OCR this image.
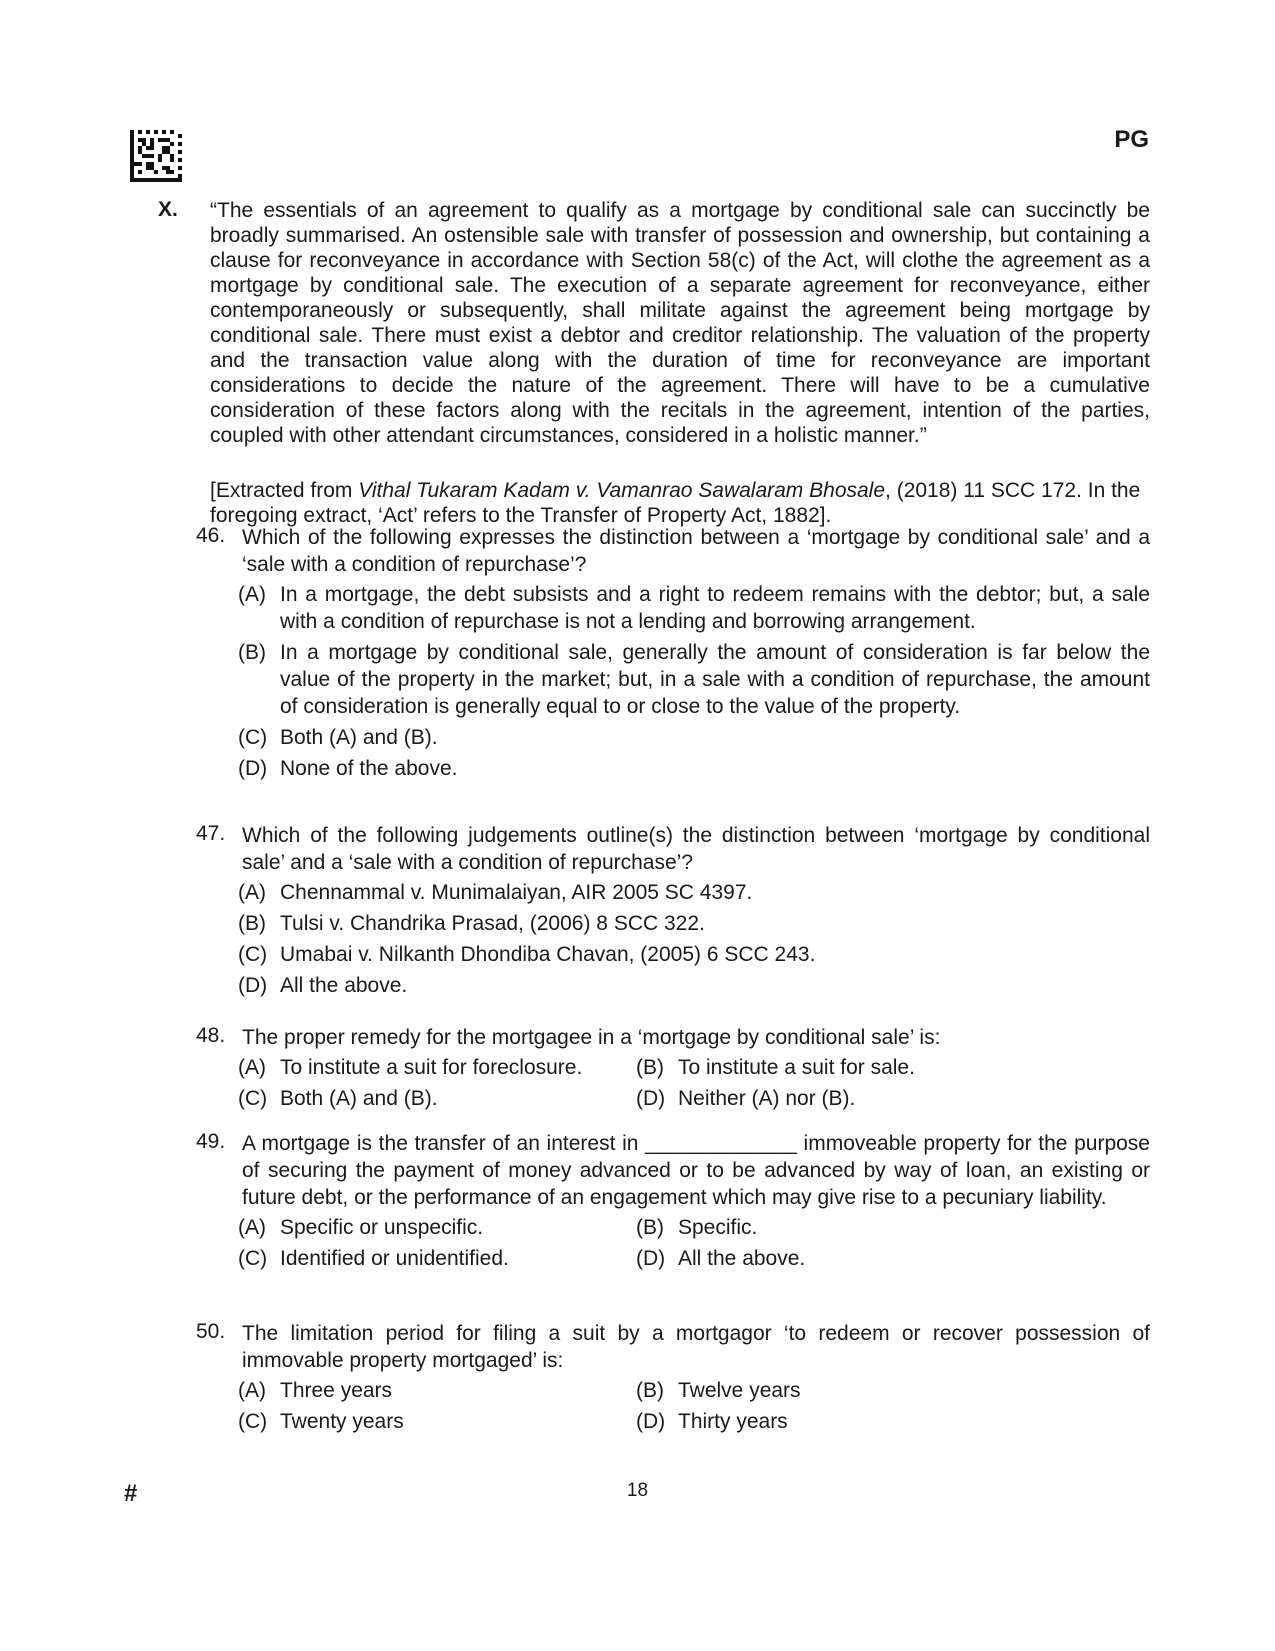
PG
X. “The essentials of an agreement to qualify as a mortgage by conditional sale can succinctly be broadly summarised. An ostensible sale with transfer of possession and ownership, but containing a clause for reconveyance in accordance with Section 58(c) of the Act, will clothe the agreement as a mortgage by conditional sale. The execution of a separate agreement for reconveyance, either contemporaneously or subsequently, shall militate against the agreement being mortgage by conditional sale. There must exist a debtor and creditor relationship. The valuation of the property and the transaction value along with the duration of time for reconveyance are important considerations to decide the nature of the agreement. There will have to be a cumulative consideration of these factors along with the recitals in the agreement, intention of the parties, coupled with other attendant circumstances, considered in a holistic manner.”
[Extracted from Vithal Tukaram Kadam v. Vamanrao Sawalaram Bhosale, (2018) 11 SCC 172. In the foregoing extract, ‘Act’ refers to the Transfer of Property Act, 1882].
46. Which of the following expresses the distinction between a ‘mortgage by conditional sale’ and a ‘sale with a condition of repurchase’?
(A) In a mortgage, the debt subsists and a right to redeem remains with the debtor; but, a sale with a condition of repurchase is not a lending and borrowing arrangement.
(B) In a mortgage by conditional sale, generally the amount of consideration is far below the value of the property in the market; but, in a sale with a condition of repurchase, the amount of consideration is generally equal to or close to the value of the property.
(C) Both (A) and (B).
(D) None of the above.
47. Which of the following judgements outline(s) the distinction between ‘mortgage by conditional sale’ and a ‘sale with a condition of repurchase’?
(A) Chennammal v. Munimalaiyan, AIR 2005 SC 4397.
(B) Tulsi v. Chandrika Prasad, (2006) 8 SCC 322.
(C) Umabai v. Nilkanth Dhondiba Chavan, (2005) 6 SCC 243.
(D) All the above.
48. The proper remedy for the mortgagee in a ‘mortgage by conditional sale’ is:
(A) To institute a suit for foreclosure.	(B) To institute a suit for sale.
(C) Both (A) and (B).	(D) Neither (A) nor (B).
49. A mortgage is the transfer of an interest in _____________ immoveable property for the purpose of securing the payment of money advanced or to be advanced by way of loan, an existing or future debt, or the performance of an engagement which may give rise to a pecuniary liability.
(A) Specific or unspecific.	(B) Specific.
(C) Identified or unidentified.	(D) All the above.
50. The limitation period for filing a suit by a mortgagor ‘to redeem or recover possession of immovable property mortgaged’ is:
(A) Three years	(B) Twelve years
(C) Twenty years	(D) Thirty years
#	18
